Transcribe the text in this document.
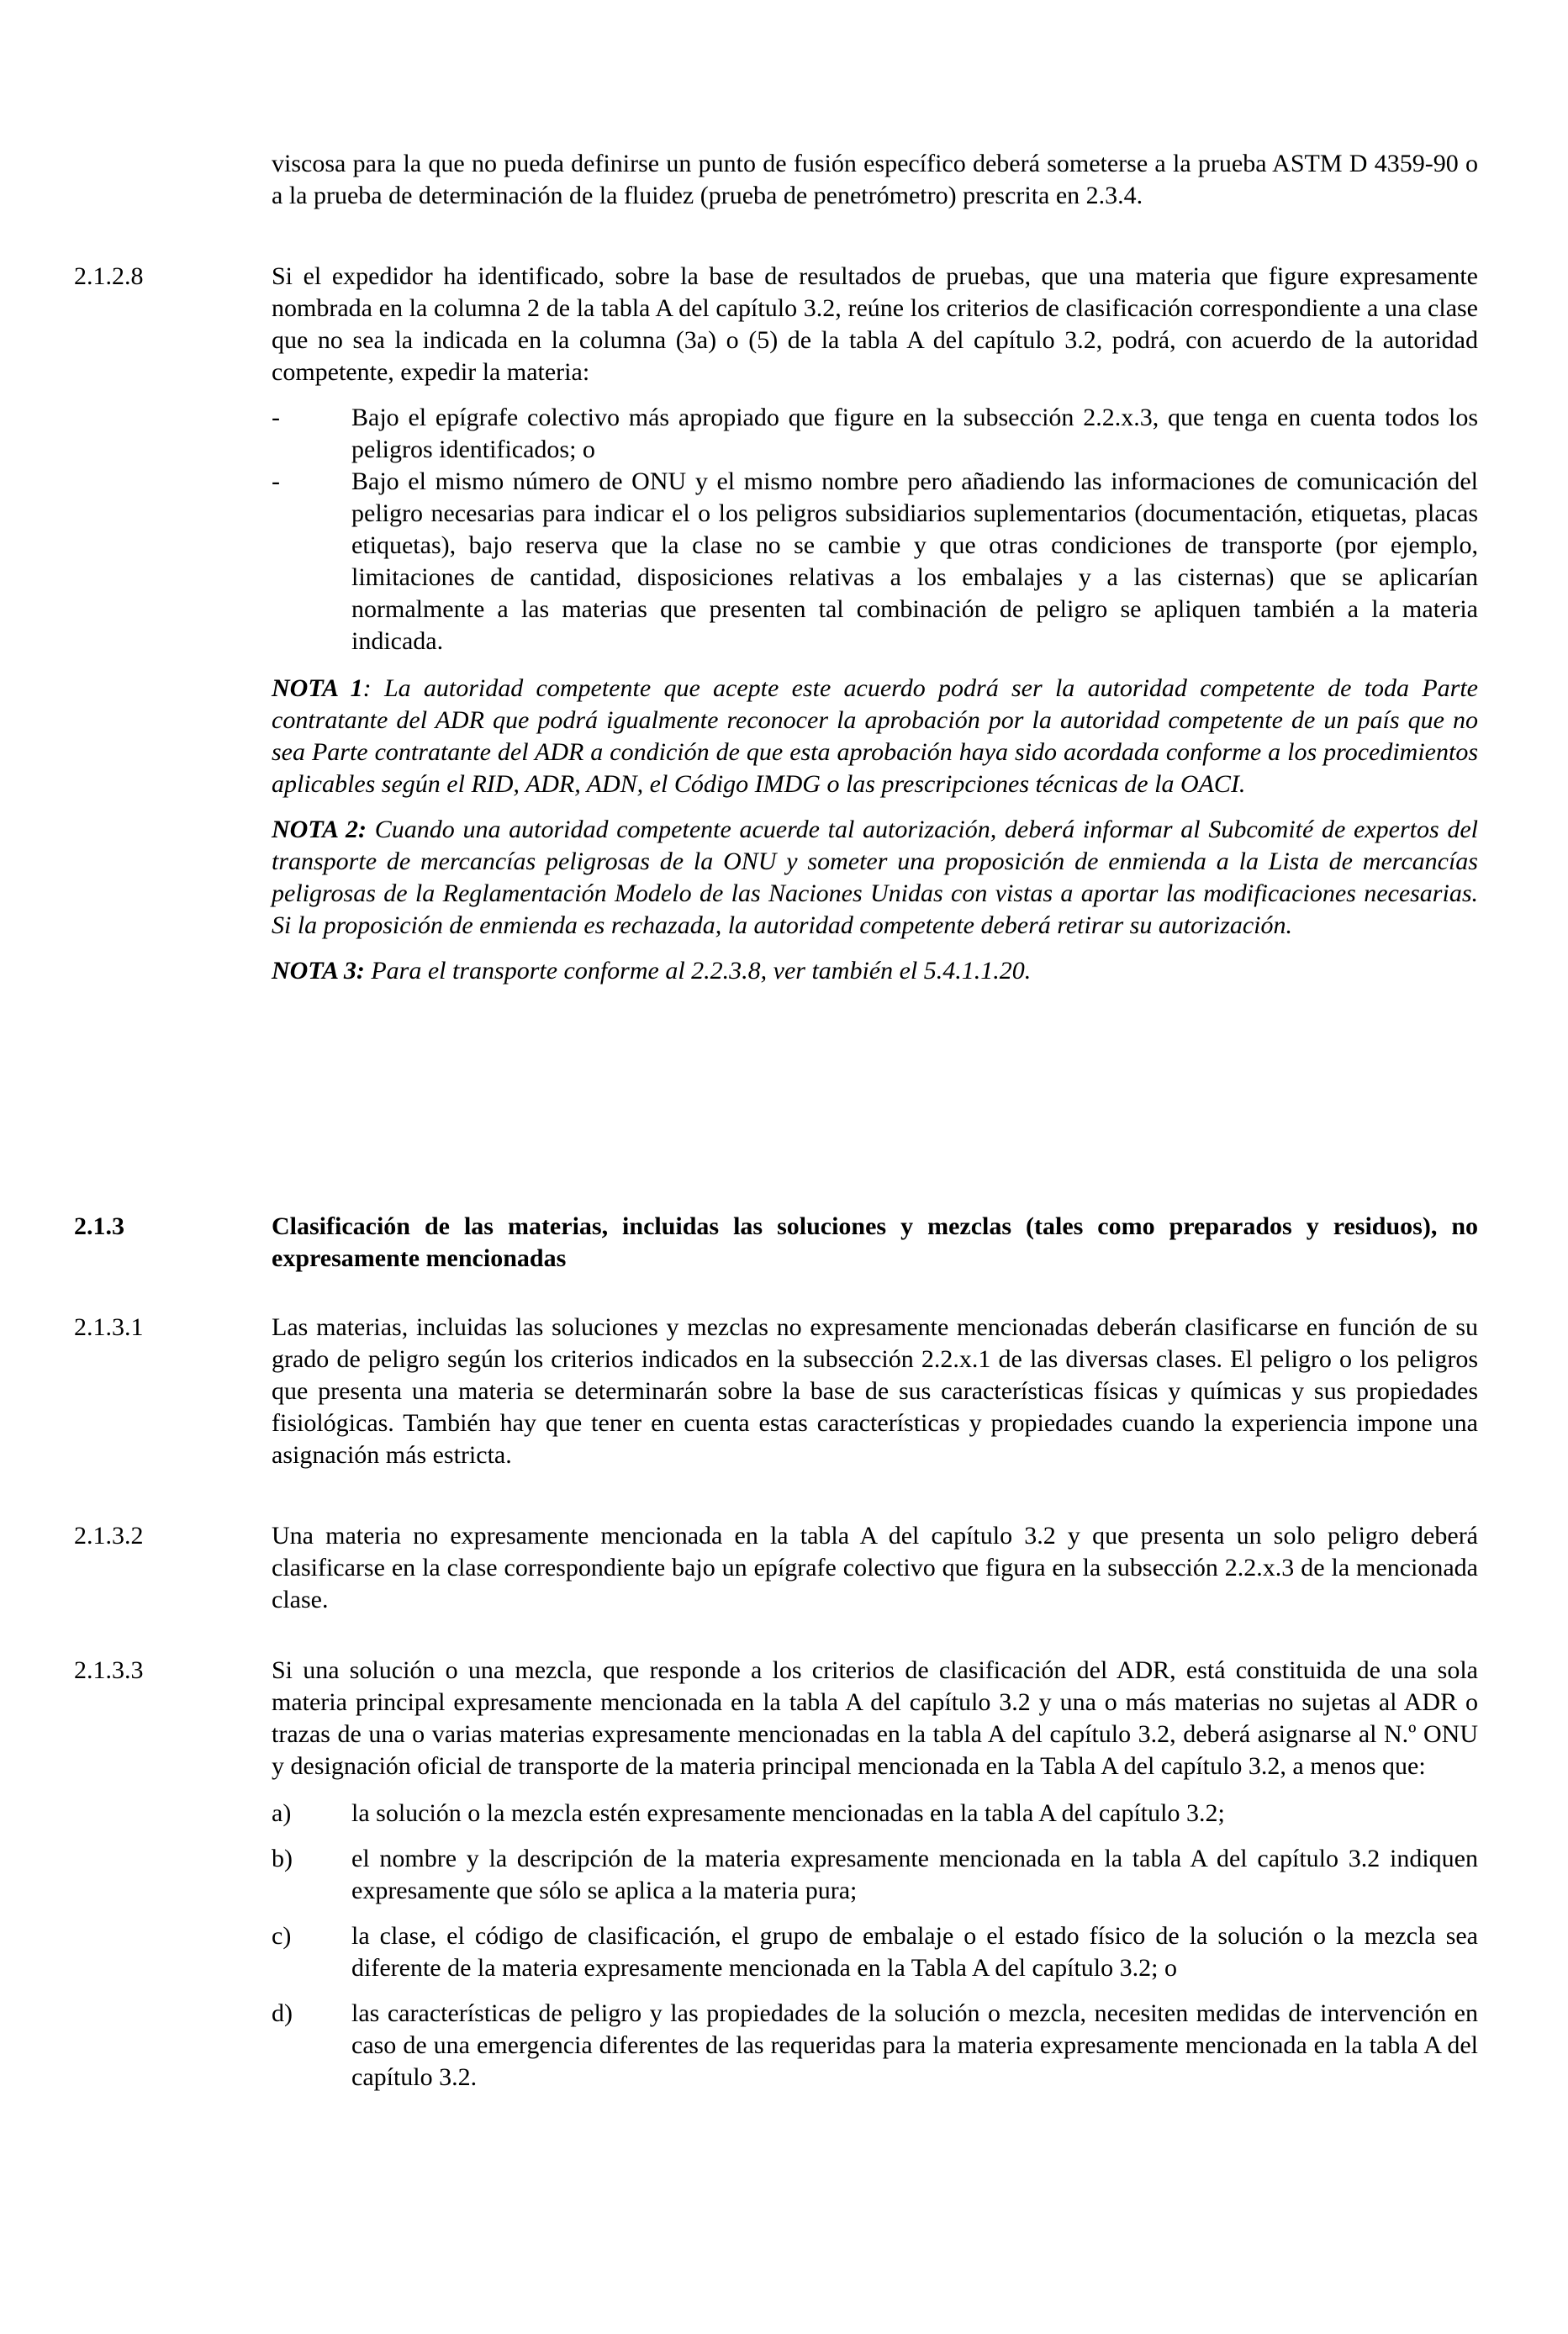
viscosa para la que no pueda definirse un punto de fusión específico deberá someterse a la prueba ASTM D 4359-90 o a la prueba de determinación de la fluidez (prueba de penetrómetro) prescrita en 2.3.4.

2.1.2.8	Si el expedidor ha identificado, sobre la base de resultados de pruebas, que una materia que figure expresamente nombrada en la columna 2 de la tabla A del capítulo 3.2, reúne los criterios de clasificación correspondiente a una clase que no sea la indicada en la columna (3a) o (5) de la tabla A del capítulo 3.2, podrá, con acuerdo de la autoridad competente, expedir la materia:

-	Bajo el epígrafe colectivo más apropiado que figure en la subsección 2.2.x.3, que tenga en cuenta todos los peligros identificados; o
-	Bajo el mismo número de ONU y el mismo nombre pero añadiendo las informaciones de comunicación del peligro necesarias para indicar el o los peligros subsidiarios suplementarios (documentación, etiquetas, placas etiquetas), bajo reserva que la clase no se cambie y que otras condiciones de transporte (por ejemplo, limitaciones de cantidad, disposiciones relativas a los embalajes y a las cisternas) que se aplicarían normalmente a las materias que presenten tal combinación de peligro se apliquen también a la materia indicada.

NOTA 1: La autoridad competente que acepte este acuerdo podrá ser la autoridad competente de toda Parte contratante del ADR que podrá igualmente reconocer la aprobación por la autoridad competente de un país que no sea Parte contratante del ADR a condición de que esta aprobación haya sido acordada conforme a los procedimientos aplicables según el RID, ADR, ADN, el Código IMDG o las prescripciones técnicas de la OACI.

NOTA 2: Cuando una autoridad competente acuerde tal autorización, deberá informar al Subcomité de expertos del transporte de mercancías peligrosas de la ONU y someter una proposición de enmienda a la Lista de mercancías peligrosas de la Reglamentación Modelo de las Naciones Unidas con vistas a aportar las modificaciones necesarias. Si la proposición de enmienda es rechazada, la autoridad competente deberá retirar su autorización.

NOTA 3: Para el transporte conforme al 2.2.3.8, ver también el 5.4.1.1.20.

2.1.3	Clasificación de las materias, incluidas las soluciones y mezclas (tales como preparados y residuos), no expresamente mencionadas

2.1.3.1	Las materias, incluidas las soluciones y mezclas no expresamente mencionadas deberán clasificarse en función de su grado de peligro según los criterios indicados en la subsección 2.2.x.1 de las diversas clases. El peligro o los peligros que presenta una materia se determinarán sobre la base de sus características físicas y químicas y sus propiedades fisiológicas. También hay que tener en cuenta estas características y propiedades cuando la experiencia impone una asignación más estricta.

2.1.3.2	Una materia no expresamente mencionada en la tabla A del capítulo 3.2 y que presenta un solo peligro deberá clasificarse en la clase correspondiente bajo un epígrafe colectivo que figura en la subsección 2.2.x.3 de la mencionada clase.

2.1.3.3	Si una solución o una mezcla, que responde a los criterios de clasificación del ADR, está constituida de una sola materia principal expresamente mencionada en la tabla A del capítulo 3.2 y una o más materias no sujetas al ADR o trazas de una o varias materias expresamente mencionadas en la tabla A del capítulo 3.2, deberá asignarse al N.º ONU y designación oficial de transporte de la materia principal mencionada en la Tabla A del capítulo 3.2, a menos que:

a)	la solución o la mezcla estén expresamente mencionadas en la tabla A del capítulo 3.2;
b)	el nombre y la descripción de la materia expresamente mencionada en la tabla A del capítulo 3.2 indiquen expresamente que sólo se aplica a la materia pura;
c)	la clase, el código de clasificación, el grupo de embalaje o el estado físico de la solución o la mezcla sea diferente de la materia expresamente mencionada en la Tabla A del capítulo 3.2; o
d)	las características de peligro y las propiedades de la solución o mezcla, necesiten medidas de intervención en caso de una emergencia diferentes de las requeridas para la materia expresamente mencionada en la tabla A del capítulo 3.2.
